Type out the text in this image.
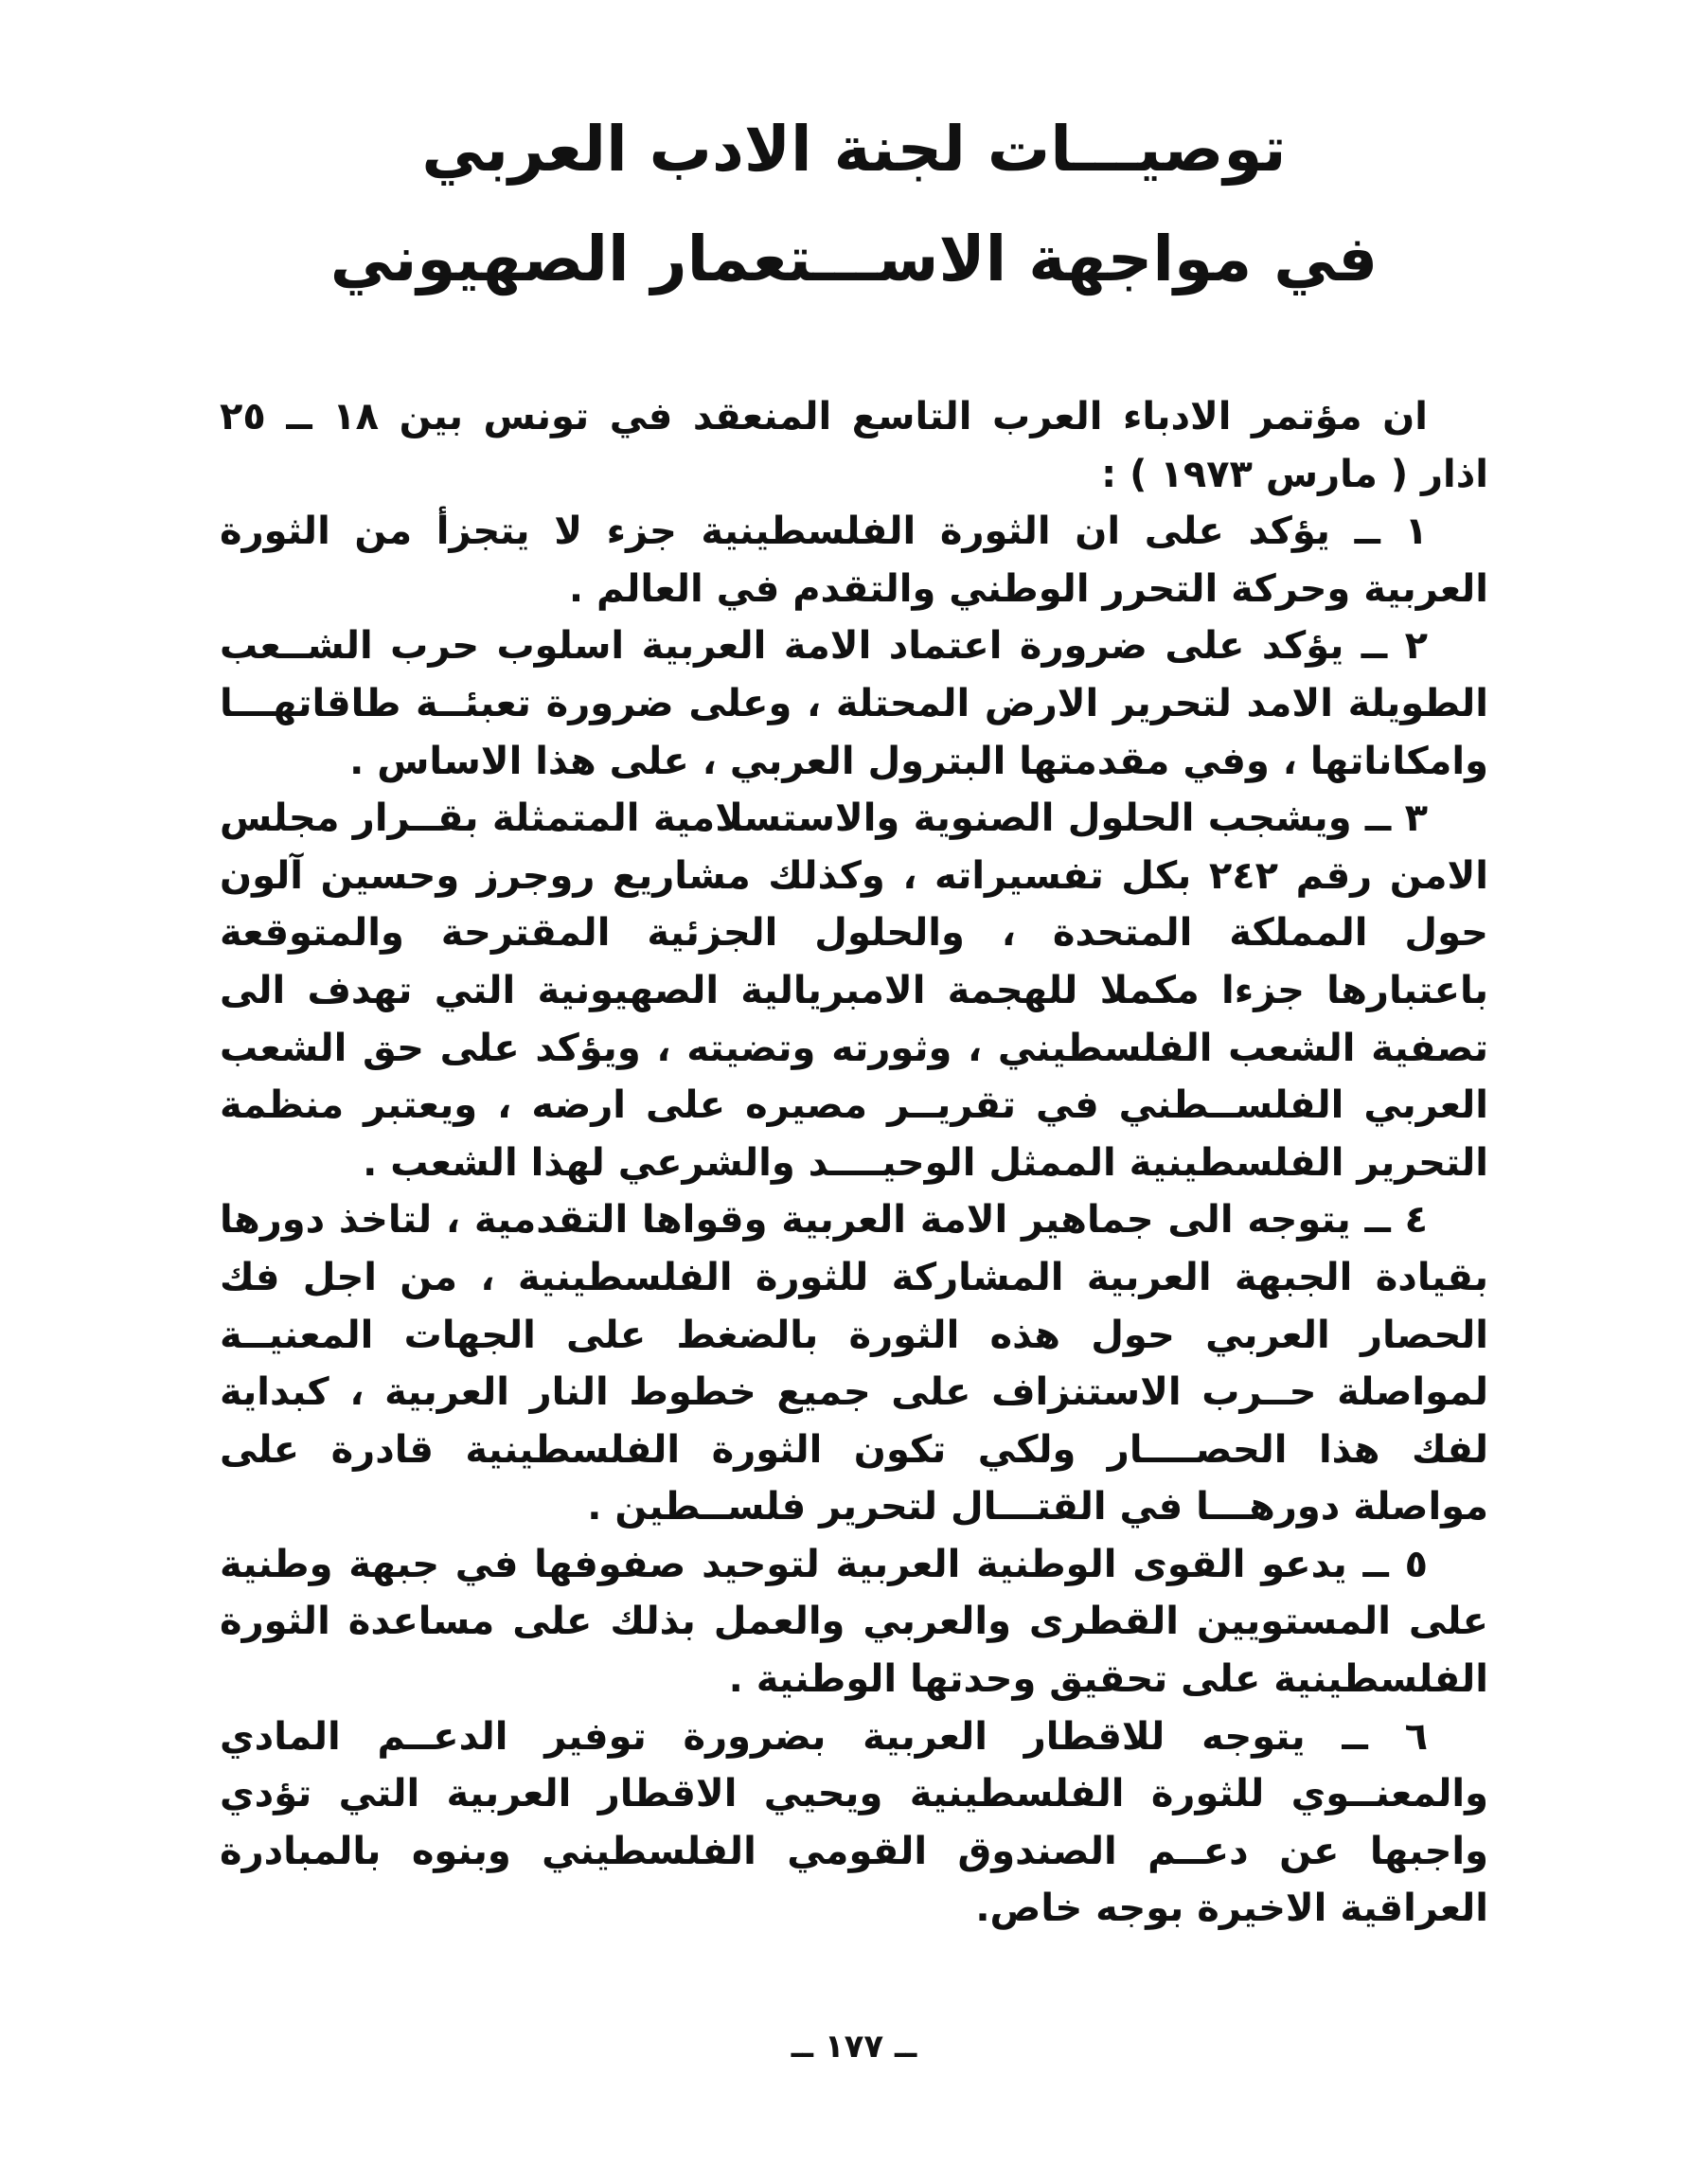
توصيـــات لجنة الادب العربي
في مواجهة الاســـتعمار الصهيوني

ان مؤتمر الادباء العرب التاسع المنعقد في تونس بين ١٨ ــ ٢٥ اذار ( مارس ١٩٧٣ ) :

١ ــ يؤكد على ان الثورة الفلسطينية جزء لا يتجزأ من الثورة العربية وحركة التحرر الوطني والتقدم في العالم .

٢ ــ يؤكد على ضرورة اعتماد الامة العربية اسلوب حرب الشــعب الطويلة الامد لتحرير الارض المحتلة ، وعلى ضرورة تعبئــة طاقاتهـــا وامكاناتها ، وفي مقدمتها البترول العربي ، على هذا الاساس .

٣ ــ ويشجب الحلول الصنوية والاستسلامية المتمثلة بقــرار مجلس الامن رقم ٢٤٢ بكل تفسيراته ، وكذلك مشاريع روجرز وحسين آلون حول المملكة المتحدة ، والحلول الجزئية المقترحة والمتوقعة باعتبارها جزءا مكملا للهجمة الامبريالية الصهيونية التي تهدف الى تصفية الشعب الفلسطيني ، وثورته وتضيته ، ويؤكد على حق الشعب العربي الفلســطني في تقريــر مصيره على ارضه ، ويعتبر منظمة التحرير الفلسطينية الممثل الوحيــــد والشرعي لهذا الشعب .

٤ ــ يتوجه الى جماهير الامة العربية وقواها التقدمية ، لتاخذ دورها بقيادة الجبهة العربية المشاركة للثورة الفلسطينية ، من اجل فك الحصار العربي حول هذه الثورة بالضغط على الجهات المعنيــة لمواصلة حــرب الاستنزاف على جميع خطوط النار العربية ، كبداية لفك هذا الحصــــار ولكي تكون الثورة الفلسطينية قادرة على مواصلة دورهـــا في القتـــال لتحرير فلســطين .

٥ ــ يدعو القوى الوطنية العربية لتوحيد صفوفها في جبهة وطنية على المستويين القطرى والعربي والعمل بذلك على مساعدة الثورة الفلسطينية على تحقيق وحدتها الوطنية .

٦ ــ يتوجه للاقطار العربية بضرورة توفير الدعــم المادي والمعنــوي للثورة الفلسطينية ويحيي الاقطار العربية التي تؤدي واجبها عن دعــم الصندوق القومي الفلسطيني وبنوه بالمبادرة العراقية الاخيرة بوجه خاص.

ــ ١٧٧ ــ
